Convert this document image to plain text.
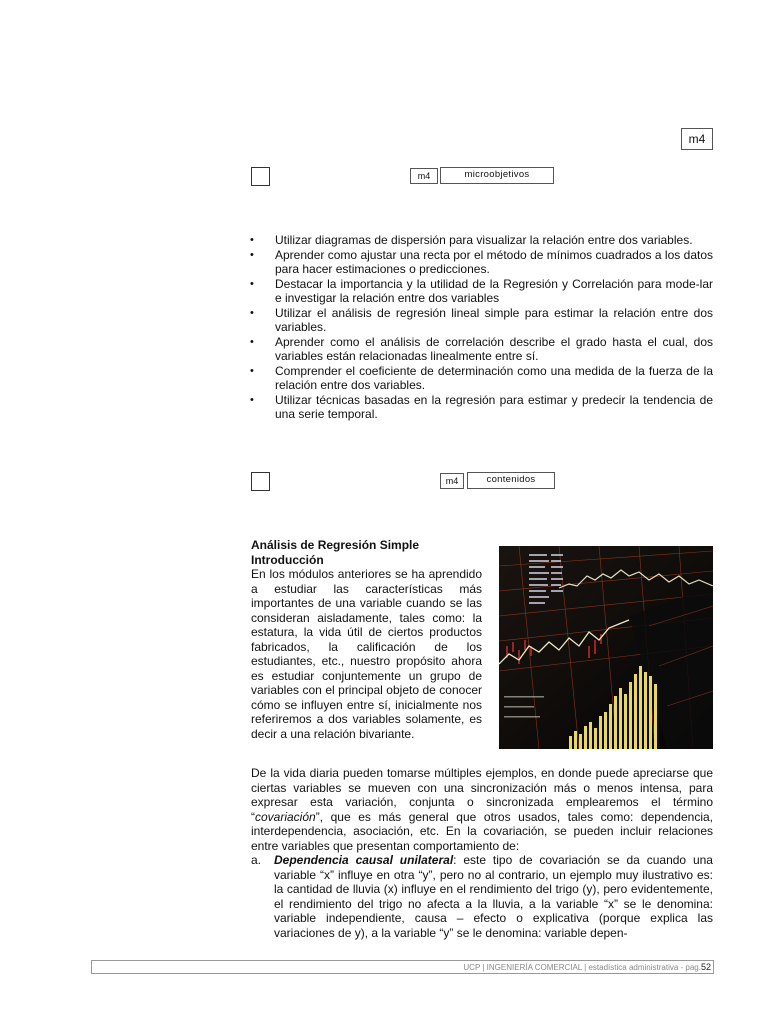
m4
m4	microobjetivos
• Utilizar diagramas de dispersión para visualizar la relación entre dos variables.
• Aprender como ajustar una recta por el método de mínimos cuadrados a los datos para hacer estimaciones o predicciones.
• Destacar la importancia y la utilidad de la Regresión y Correlación para mode-lar e investigar la relación entre dos variables
• Utilizar el análisis de regresión lineal simple para estimar la relación entre dos variables.
• Aprender como el análisis de correlación describe el grado hasta el cual, dos variables están relacionadas linealmente entre sí.
• Comprender el coeficiente de determinación como una medida de la fuerza de la relación entre dos variables.
• Utilizar técnicas basadas en la regresión para estimar y predecir la tendencia de una serie temporal.
m4	contenidos
Análisis de Regresión Simple
Introducción

En los módulos anteriores se ha aprendido a estudiar las características más importantes de una variable cuando se las consideran aisladamente, tales como: la estatura, la vida útil de ciertos productos fabricados, la calificación de los estudiantes, etc., nuestro propósito ahora es estudiar conjuntemente un grupo de variables con el principal objeto de conocer cómo se influyen entre sí, inicialmente nos referiremos a dos variables solamente, es decir a una relación bivariante.

De la vida diaria pueden tomarse múltiples ejemplos, en donde puede apreciarse que ciertas variables se mueven con una sincronización más o menos intensa, para expresar esta variación, conjunta o sincronizada emplearemos el término “covariación”, que es más general que otros usados, tales como: dependencia, interdependencia, asociación, etc. En la covariación, se pueden incluir relaciones entre variables que presentan comportamiento de:

a. Dependencia causal unilateral: este tipo de covariación se da cuando una variable “x” influye en otra “y”, pero no al contrario, un ejemplo muy ilustrativo es: la cantidad de lluvia (x) influye en el rendimiento del trigo (y), pero evidentemente, el rendimiento del trigo no afecta a la lluvia, a la variable “x” se le denomina: variable independiente, causa – efecto o explicativa (porque explica las variaciones de y), a la variable “y” se le denomina: variable depen-
UCP | INGENIERÍA COMERCIAL | estadística administrativa - pag.52
